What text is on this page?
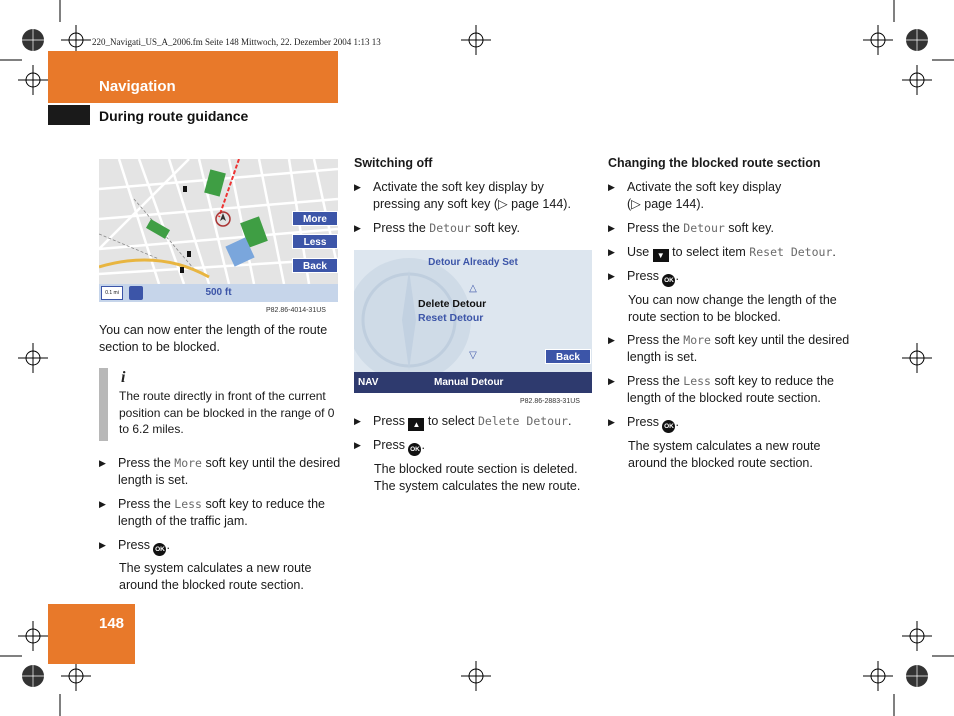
220_Navigati_US_A_2006.fm Seite 148 Mittwoch, 22. Dezember 2004 1:13 13
Navigation
During route guidance
More
Less
Back
0.1 mi	500 ft
P82.86-4014-31US
You can now enter the length of the route section to be blocked.
i
The route directly in front of the current position can be blocked in the range of 0 to 6.2 miles.
▶ Press the More soft key until the desired length is set.
▶ Press the Less soft key to reduce the length of the traffic jam.
▶ Press OK .
The system calculates a new route around the blocked route section.
Switching off
▶ Activate the soft key display by pressing any soft key (▷ page 144).
▶ Press the Detour soft key.
Detour Already Set
△
Delete Detour
Reset Detour
▽	Back
NAV	Manual Detour
P82.86-2883-31US
▶ Press ▲ to select Delete Detour.
▶ Press OK .
The blocked route section is deleted. The system calculates the new route.
Changing the blocked route section
▶ Activate the soft key display
(▷ page 144).
▶ Press the Detour soft key.
▶ Use ▼ to select item Reset Detour.
▶ Press OK .
You can now change the length of the route section to be blocked.
▶ Press the More soft key until the desired length is set.
▶ Press the Less soft key to reduce the length of the blocked route section.
▶ Press OK .
The system calculates a new route around the blocked route section.
148
